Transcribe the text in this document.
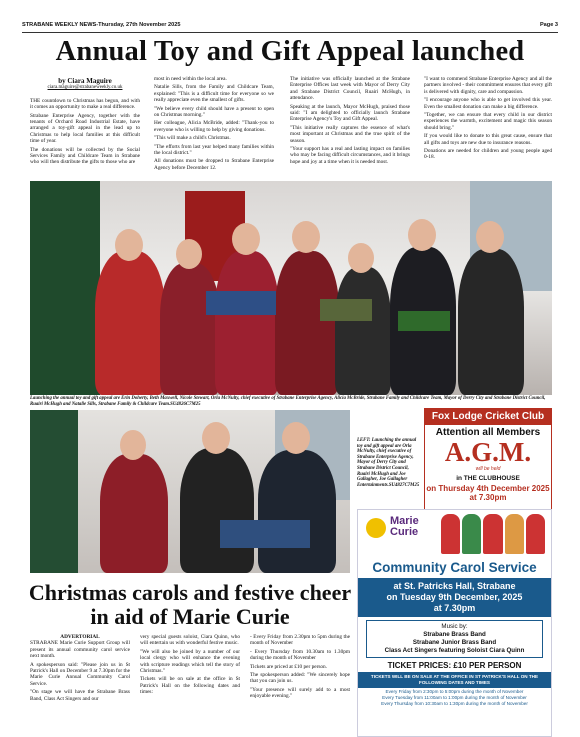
STRABANE WEEKLY NEWS-Thursday, 27th November 2025	Page 3
Annual Toy and Gift Appeal launched
by Ciara Maguire
ciara.maguire@strabaneweekly.co.uk

THE countdown to Christmas has begun, and with it comes an opportunity to make a real difference.

Strabane Enterprise Agency, together with the tenants of Orchard Road Industrial Estate, have arranged a toy-gift appeal in the lead up to Christmas to help local families at this difficult time of year.

The donations will be collected by the Social Services Family and Childcare Team in Strabane who will then distribute the gifts to those who are

most in need within the local area.

Natalie Sills, from the Family and Childcare Team, explained: "This is a difficult time for everyone so we really appreciate even the smallest of gifts.

"We believe every child should have a present to open on Christmas morning."

Her colleague, Alicia McBride, added: "Thank-you to everyone who is willing to help by giving donations.

"This will make a child's Christmas.

"The efforts from last year helped many families within the local district."

All donations must be dropped to Strabane Enterprise Agency before December 12.

The initiative was officially launched at the Strabane Enterprise Offices last week with Mayor of Derry City and Strabane District Council, Ruairi McHugh, in attendance.

Speaking at the launch, Mayor McHugh, praised those said: "I am delighted to officially launch Strabane Enterprise Agency's Toy and Gift Appeal.

"This initiative really captures the essence of what's most important at Christmas and the true spirit of the season.

"Your support has a real and lasting impact on families who may be facing difficult circumstances, and it brings hope and joy at a time when it is needed most.

"I want to commend Strabane Enterprise Agency and all the partners involved - their commitment ensures that every gift is delivered with dignity, care and compassion.

"I encourage anyone who is able to get involved this year. Even the smallest donation can make a big difference.

"Together, we can ensure that every child in our district experiences the warmth, excitement and magic this season should bring."

If you would like to donate to this great cause, ensure that all gifts and toys are new due to insurance reasons.

Donations are needed for children and young people aged 0-18.

Launching the annual toy and gift appeal are Erin Doherty, Beth Maxwell, Nicole Stewart, Orla McNulty, chief executive of Strabane Enterprise Agency, Alicia McBride, Strabane Family and Childcare Team, Mayor of Derry City and Strabane District Council, Ruairi McHugh and Natalie Sills, Strabane Family & Childcare Team.SU4826C7M25
LEFT: Launching the annual toy and gift appeal are Orla McNulty, chief executive of Strabane Enterprise Agency, Mayor of Derry City and Strabane District Council, Ruairi McHugh and Joe Gallagher, Joe Gallagher Entertainments.SU4827C7M25
Fox Lodge Cricket Club
Attention all Members
A.G.M.
will be held
in THE CLUBHOUSE
on Thursday 4th December 2025
at 7.30pm
Marie
Curie
Community Carol Service
at St. Patricks Hall, Strabane
on Tuesday 9th December, 2025
at 7.30pm
Music by:
Strabane Brass Band
Strabane Junior Brass Band
Class Act Singers featuring Soloist Ciara Quinn
TICKET PRICES: £10 PER PERSON
TICKETS WILL BE ON SALE AT THE OFFICE IN ST PATRICK'S HALL ON THE FOLLOWING DATES AND TIMES
Every Friday from 2:30pm to 5:00pm during the month of November
Every Tuesday from 11:00am to 1:00pm during the month of November
Every Thursday from 10:30am to 1:30pm during the month of November
Christmas carols and festive cheer in aid of Marie Curie
ADVERTORIAL

STRABANE Marie Curie Support Group will present its annual community carol service next month.

A spokesperson said: "Please join us in St Patrick's Hall on December 9 at 7.30pm for the Marie Curie Annual Community Carol Service.

"On stage we will have the Strabane Brass Band, Class Act Singers and our

very special guests soloist, Ciara Quinn, who will entertain us with wonderful festive music.

"We will also be joined by a number of our local clergy who will enhance the evening with scripture readings which tell the story of Christmas."

Tickets will be on sale at the office in St Patrick's Hall on the following dates and times:

- Every Friday from 2.30pm to 5pm during the month of November

- Every Thursday from 10.30am to 1.30pm during the month of November

Tickets are priced at £10 per person.

The spokesperson added: "We sincerely hope that you can join us.

"Your presence will surely add to a most enjoyable evening."
